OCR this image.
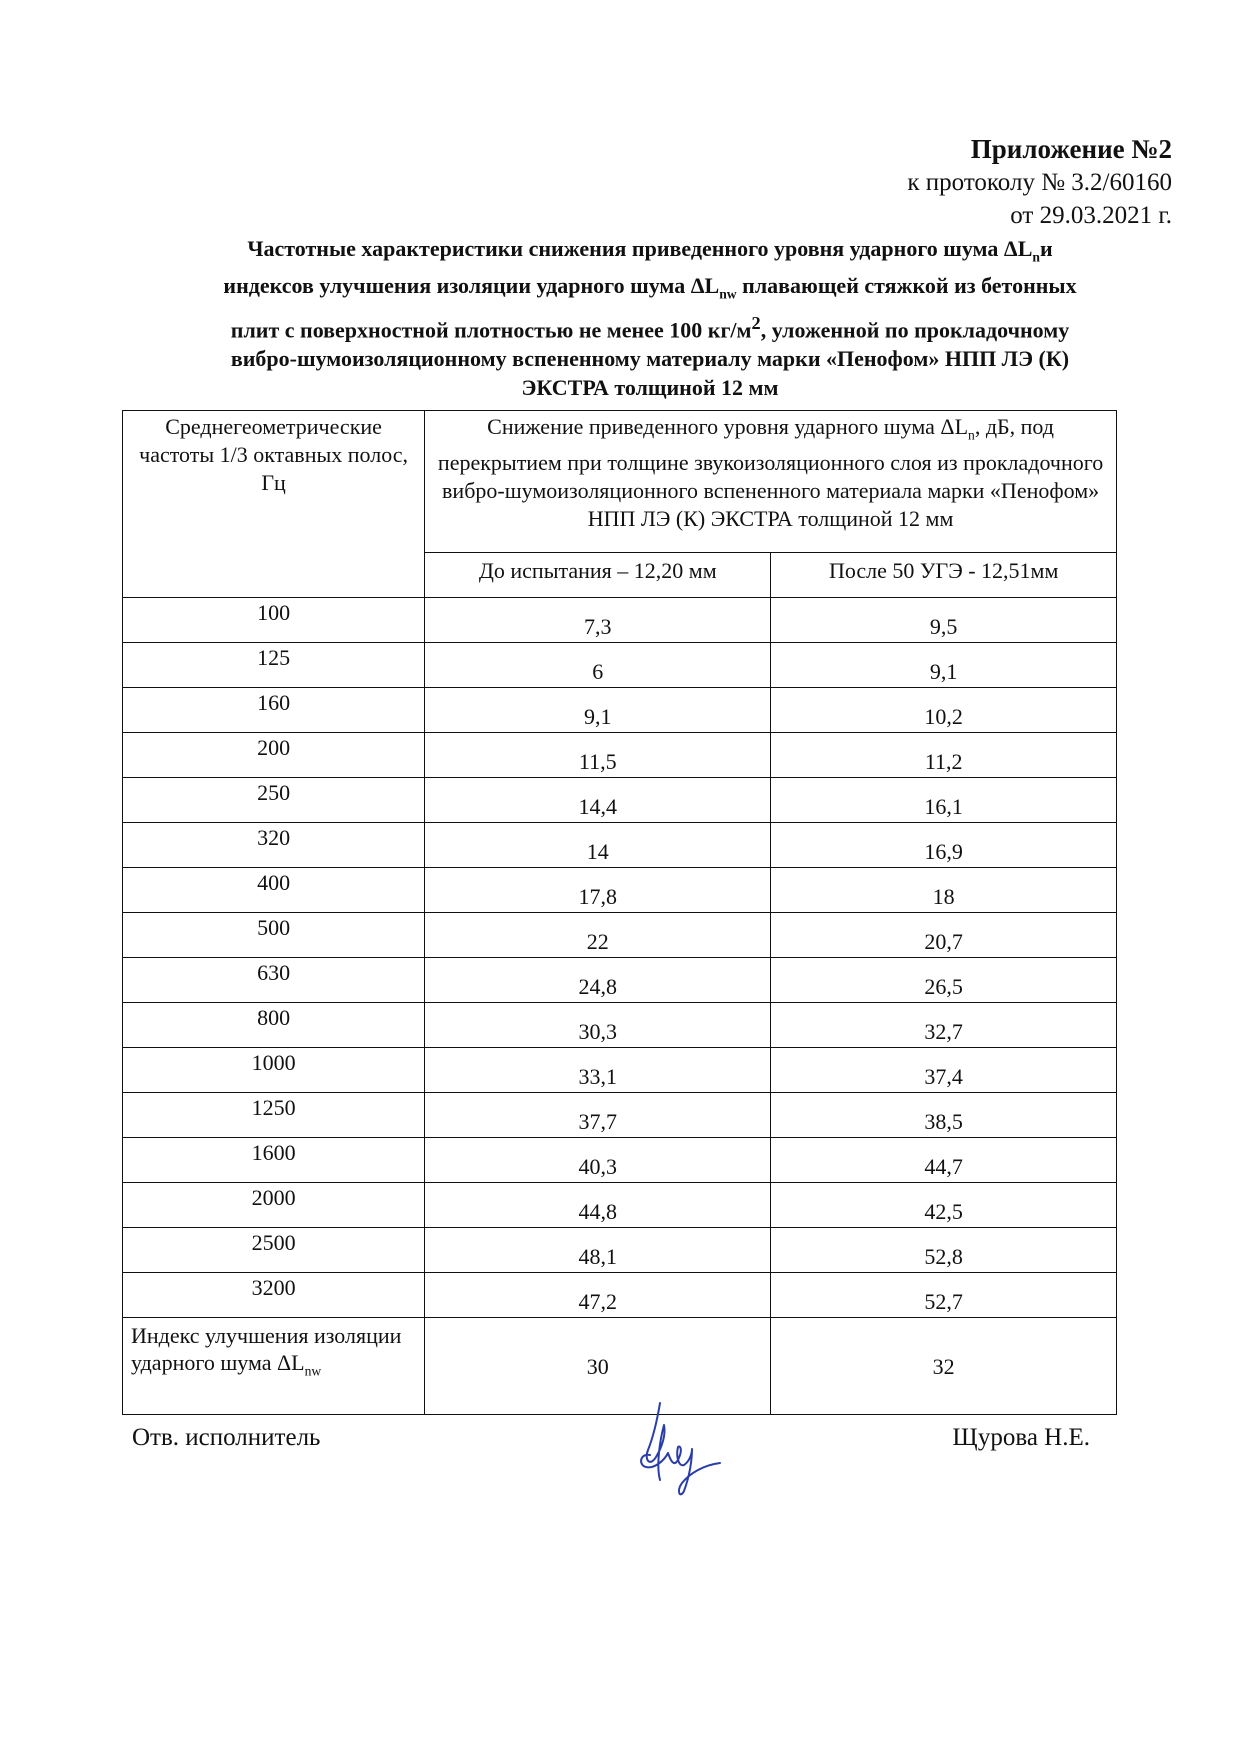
Приложение №2
к протоколу № 3.2/60160
от 29.03.2021 г.
Частотные характеристики снижения приведенного уровня ударного шума $\Delta L_nи$
индексов улучшения изоляции ударного шума $\Delta L_{nw}$ плавающей стяжкой из бетонных
плит с поверхностной плотностью не менее 100 $кг/м^2$, уложенной по прокладочному
вибро-шумоизоляционному вспененному материалу марки «Пенофом» НПП ЛЭ (К)
ЭКСТРА толщиной 12 мм
Среднегеометрические частоты 1/3 октавных полос, Гц	Снижение приведенного уровня ударного шума $\Delta L_n$, дБ, под перекрытием при толщине звукоизоляционного слоя из прокладочного вибро-шумоизоляционного вспененного материала марки «Пенофом» НПП ЛЭ (К) ЭКСТРА толщиной 12 мм	
	До испытания – 12,20 мм	После 50 УГЭ - 12,51мм
100	7,3	9,5
125	6	9,1
160	9,1	10,2
200	11,5	11,2
250	14,4	16,1
320	14	16,9
400	17,8	18
500	22	20,7
630	24,8	26,5
800	30,3	32,7
1000	33,1	37,4
1250	37,7	38,5
1600	40,3	44,7
2000	44,8	42,5
2500	48,1	52,8
3200	47,2	52,7
Индекс улучшения изоляции ударного шума $\Delta L_{nw}$	30	32
Отв. исполнитель	Щурова Н.Е.
